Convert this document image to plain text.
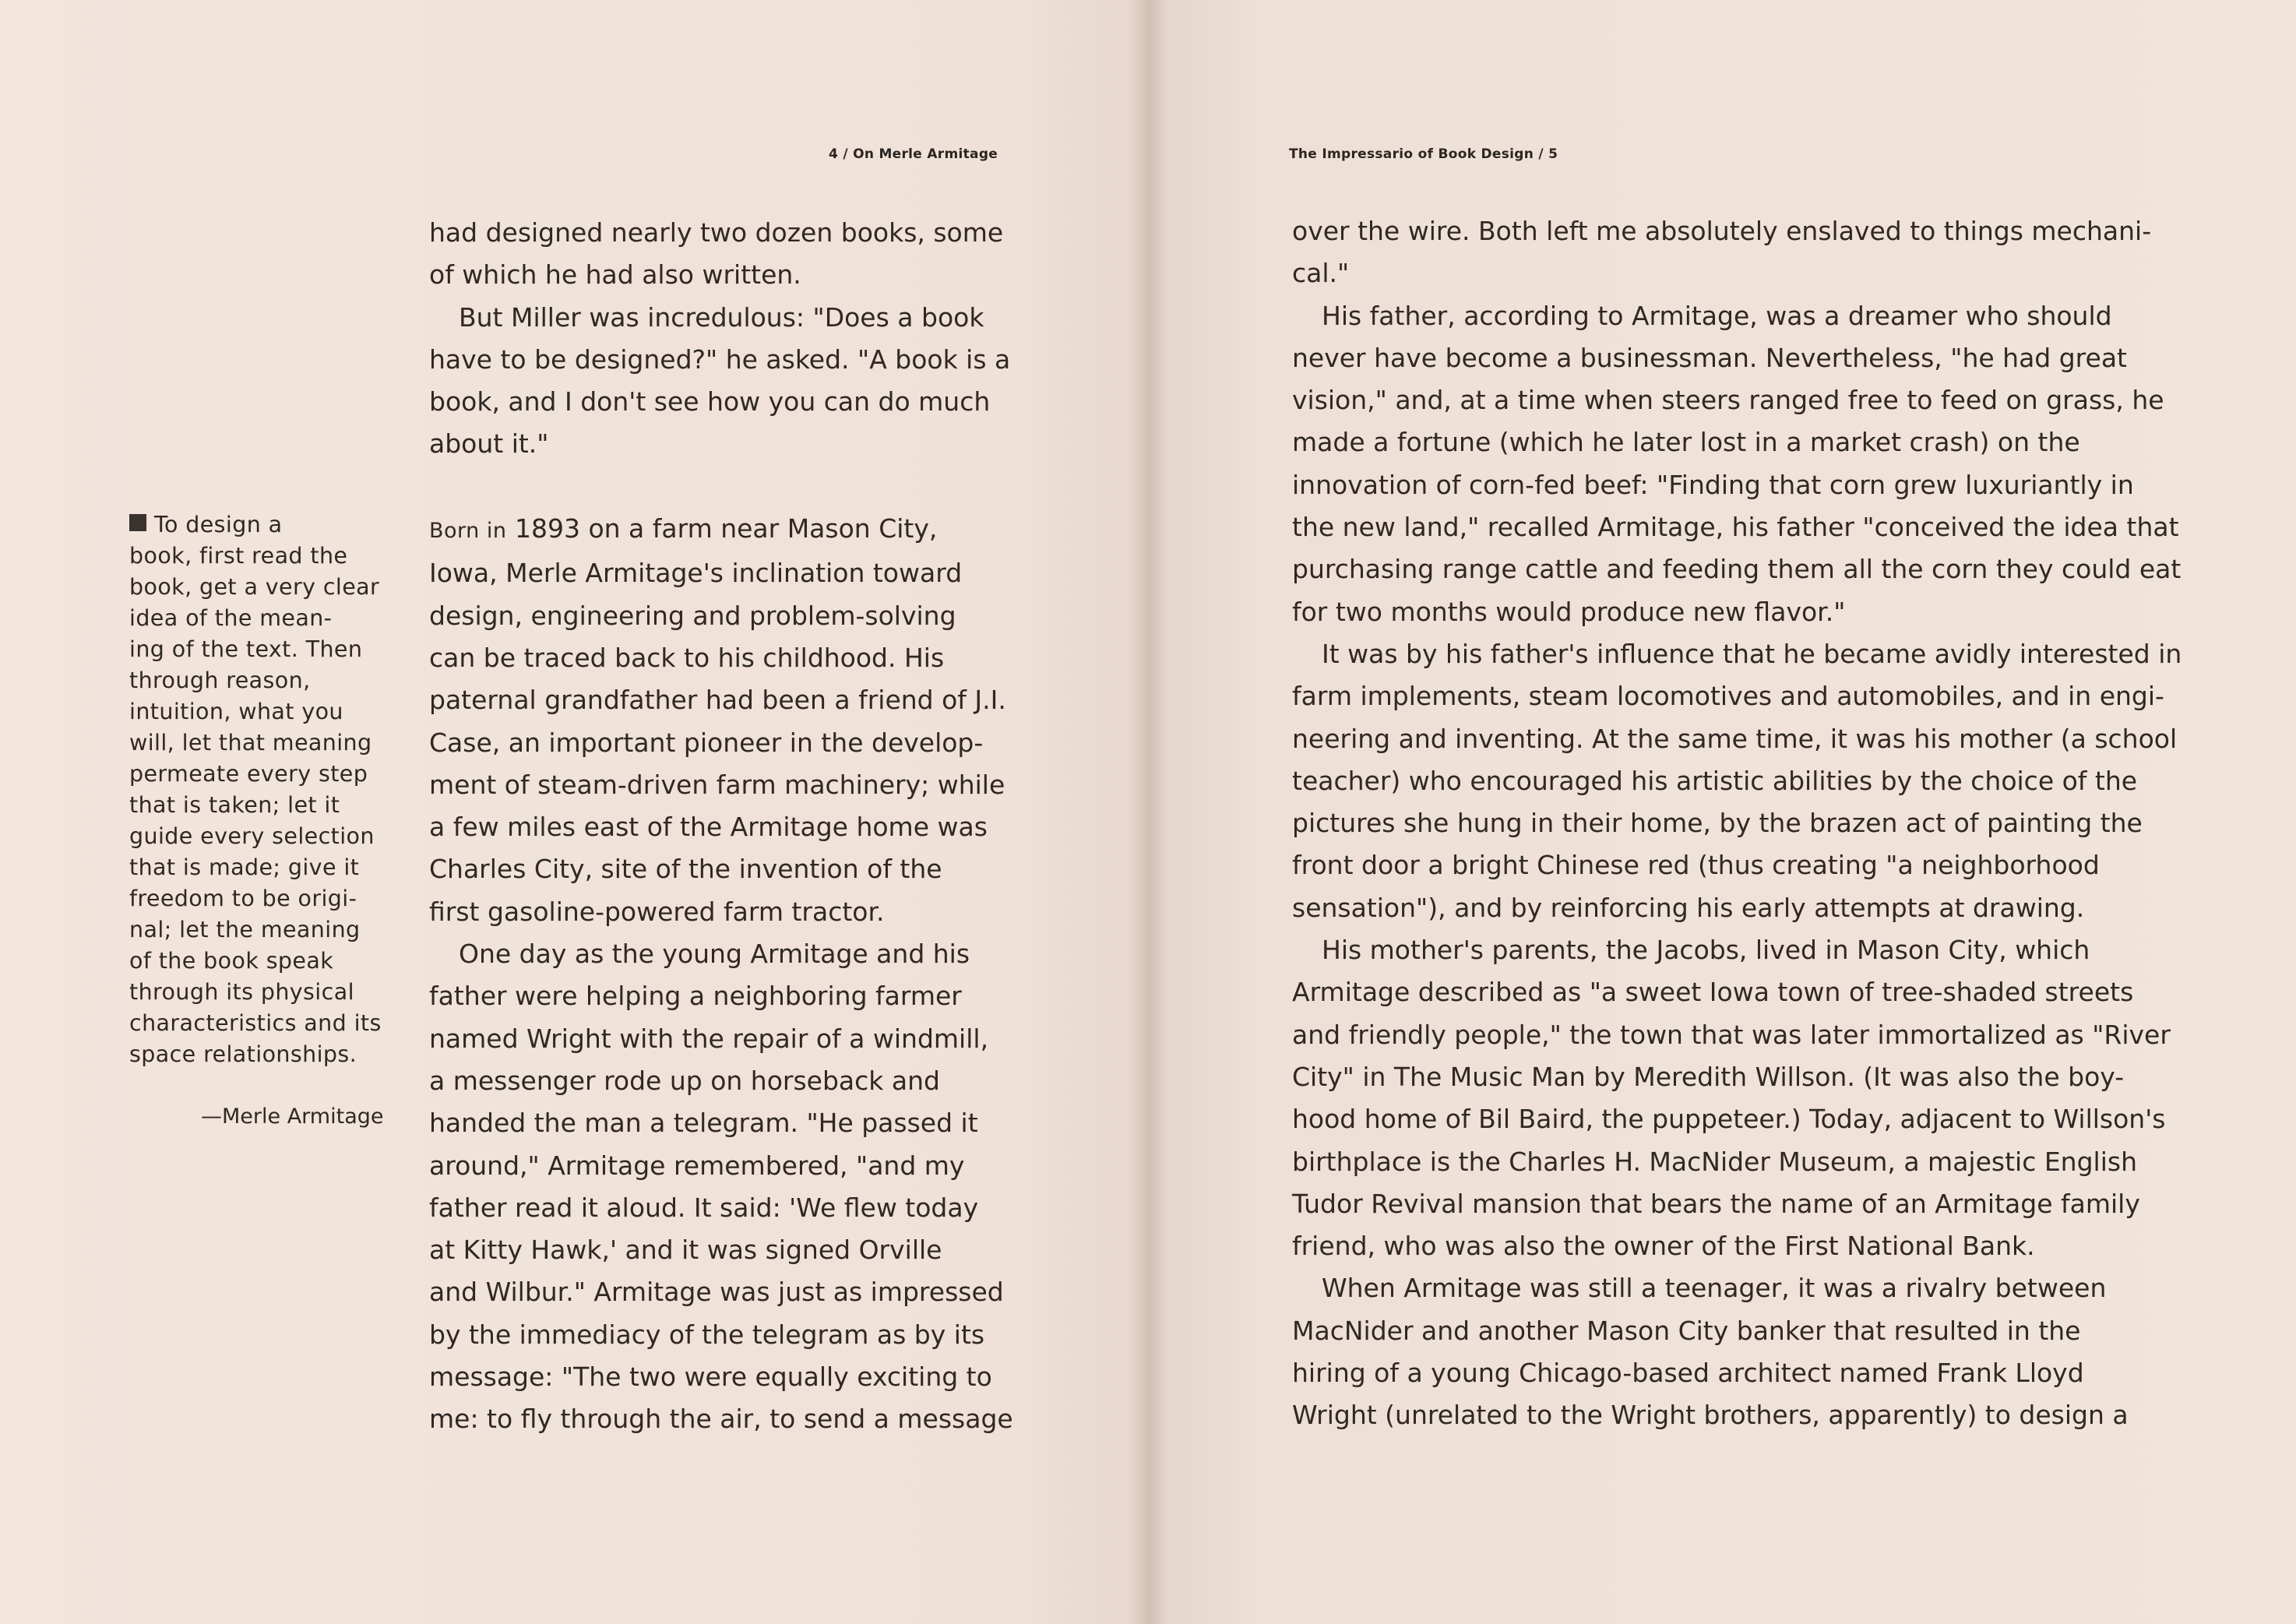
4 / On Merle Armitage
To design a
book, first read the
book, get a very clear
idea of the mean-
ing of the text. Then
through reason,
intuition, what you
will, let that meaning
permeate every step
that is taken; let it
guide every selection
that is made; give it
freedom to be origi-
nal; let the meaning
of the book speak
through its physical
characteristics and its
space relationships.
—Merle Armitage
had designed nearly two dozen books, some
of which he had also written.
But Miller was incredulous: "Does a book
have to be designed?" he asked. "A book is a
book, and I don't see how you can do much
about it."
Born in 1893 on a farm near Mason City,
Iowa, Merle Armitage's inclination toward
design, engineering and problem-solving
can be traced back to his childhood. His
paternal grandfather had been a friend of J.I.
Case, an important pioneer in the develop-
ment of steam-driven farm machinery; while
a few miles east of the Armitage home was
Charles City, site of the invention of the
first gasoline-powered farm tractor.
One day as the young Armitage and his
father were helping a neighboring farmer
named Wright with the repair of a windmill,
a messenger rode up on horseback and
handed the man a telegram. "He passed it
around," Armitage remembered, "and my
father read it aloud. It said: 'We flew today
at Kitty Hawk,' and it was signed Orville
and Wilbur." Armitage was just as impressed
by the immediacy of the telegram as by its
message: "The two were equally exciting to
me: to fly through the air, to send a message
The Impressario of Book Design / 5
over the wire. Both left me absolutely enslaved to things mechani-
cal."
His father, according to Armitage, was a dreamer who should
never have become a businessman. Nevertheless, "he had great
vision," and, at a time when steers ranged free to feed on grass, he
made a fortune (which he later lost in a market crash) on the
innovation of corn-fed beef: "Finding that corn grew luxuriantly in
the new land," recalled Armitage, his father "conceived the idea that
purchasing range cattle and feeding them all the corn they could eat
for two months would produce new flavor."
It was by his father's influence that he became avidly interested in
farm implements, steam locomotives and automobiles, and in engi-
neering and inventing. At the same time, it was his mother (a school
teacher) who encouraged his artistic abilities by the choice of the
pictures she hung in their home, by the brazen act of painting the
front door a bright Chinese red (thus creating "a neighborhood
sensation"), and by reinforcing his early attempts at drawing.
His mother's parents, the Jacobs, lived in Mason City, which
Armitage described as "a sweet Iowa town of tree-shaded streets
and friendly people," the town that was later immortalized as "River
City" in The Music Man by Meredith Willson. (It was also the boy-
hood home of Bil Baird, the puppeteer.) Today, adjacent to Willson's
birthplace is the Charles H. MacNider Museum, a majestic English
Tudor Revival mansion that bears the name of an Armitage family
friend, who was also the owner of the First National Bank.
When Armitage was still a teenager, it was a rivalry between
MacNider and another Mason City banker that resulted in the
hiring of a young Chicago-based architect named Frank Lloyd
Wright (unrelated to the Wright brothers, apparently) to design a
